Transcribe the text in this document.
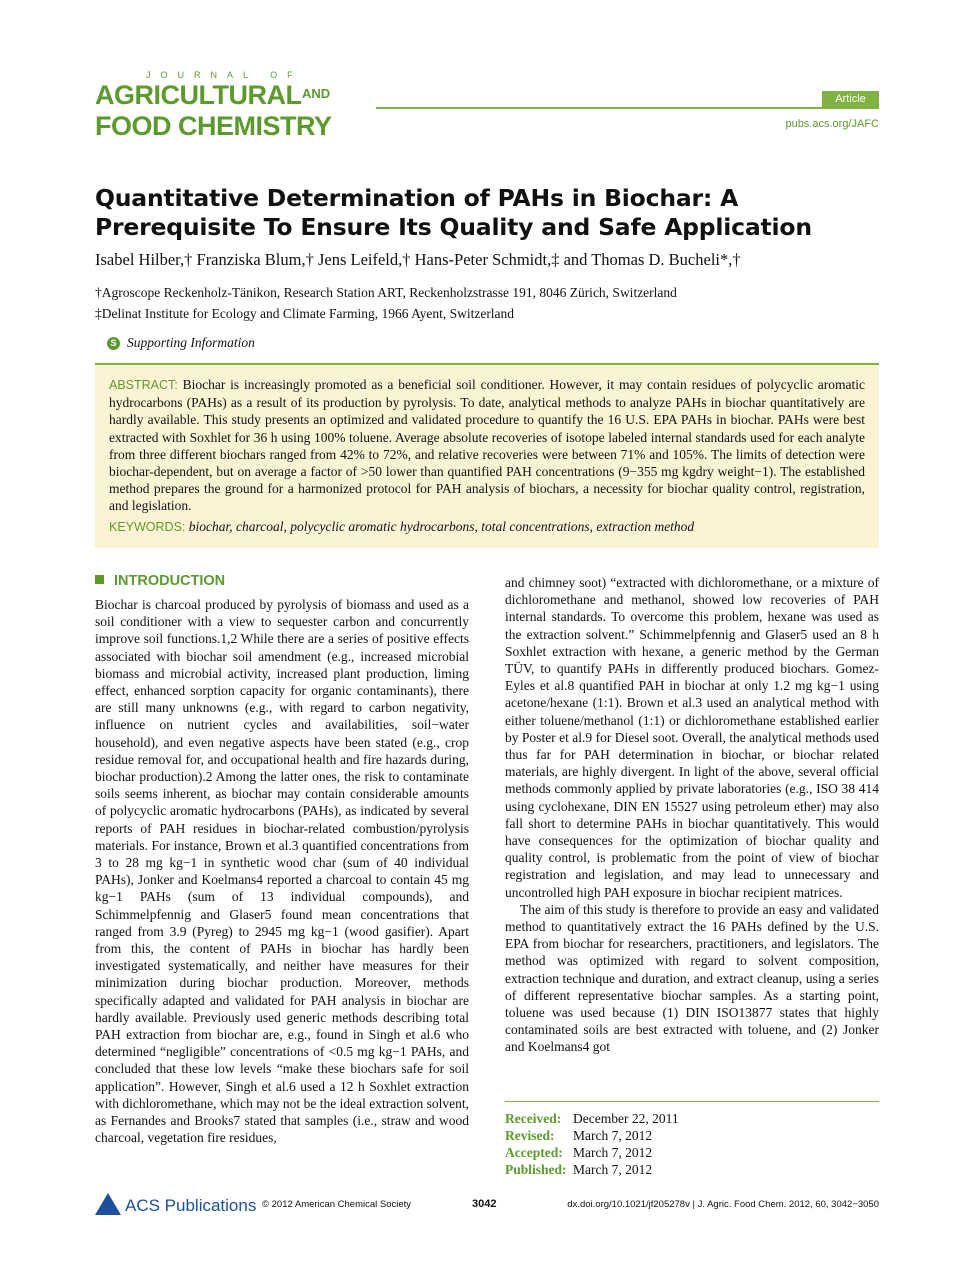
JOURNAL OF
AGRICULTURAL AND
FOOD CHEMISTRY
Article
pubs.acs.org/JAFC
Quantitative Determination of PAHs in Biochar: A Prerequisite To Ensure Its Quality and Safe Application
Isabel Hilber,† Franziska Blum,† Jens Leifeld,† Hans-Peter Schmidt,‡ and Thomas D. Bucheli*,†
†Agroscope Reckenholz-Tänikon, Research Station ART, Reckenholzstrasse 191, 8046 Zürich, Switzerland
‡Delinat Institute for Ecology and Climate Farming, 1966 Ayent, Switzerland
S Supporting Information
ABSTRACT: Biochar is increasingly promoted as a beneficial soil conditioner. However, it may contain residues of polycyclic aromatic hydrocarbons (PAHs) as a result of its production by pyrolysis. To date, analytical methods to analyze PAHs in biochar quantitatively are hardly available. This study presents an optimized and validated procedure to quantify the 16 U.S. EPA PAHs in biochar. PAHs were best extracted with Soxhlet for 36 h using 100% toluene. Average absolute recoveries of isotope labeled internal standards used for each analyte from three different biochars ranged from 42% to 72%, and relative recoveries were between 71% and 105%. The limits of detection were biochar-dependent, but on average a factor of >50 lower than quantified PAH concentrations (9−355 mg kgdry weight−1). The established method prepares the ground for a harmonized protocol for PAH analysis of biochars, a necessity for biochar quality control, registration, and legislation.
KEYWORDS: biochar, charcoal, polycyclic aromatic hydrocarbons, total concentrations, extraction method
INTRODUCTION

Biochar is charcoal produced by pyrolysis of biomass and used as a soil conditioner with a view to sequester carbon and concurrently improve soil functions.1,2 While there are a series of positive effects associated with biochar soil amendment (e.g., increased microbial biomass and microbial activity, increased plant production, liming effect, enhanced sorption capacity for organic contaminants), there are still many unknowns (e.g., with regard to carbon negativity, influence on nutrient cycles and availabilities, soil−water household), and even negative aspects have been stated (e.g., crop residue removal for, and occupational health and fire hazards during, biochar production).2 Among the latter ones, the risk to contaminate soils seems inherent, as biochar may contain considerable amounts of polycyclic aromatic hydrocarbons (PAHs), as indicated by several reports of PAH residues in biochar-related combustion/pyrolysis materials. For instance, Brown et al.3 quantified concentrations from 3 to 28 mg kg−1 in synthetic wood char (sum of 40 individual PAHs), Jonker and Koelmans4 reported a charcoal to contain 45 mg kg−1 PAHs (sum of 13 individual compounds), and Schimmelpfennig and Glaser5 found mean concentrations that ranged from 3.9 (Pyreg) to 2945 mg kg−1 (wood gasifier). Apart from this, the content of PAHs in biochar has hardly been investigated systematically, and neither have measures for their minimization during biochar production. Moreover, methods specifically adapted and validated for PAH analysis in biochar are hardly available. Previously used generic methods describing total PAH extraction from biochar are, e.g., found in Singh et al.6 who determined “negligible” concentrations of <0.5 mg kg−1 PAHs, and concluded that these low levels “make these biochars safe for soil application”. However, Singh et al.6 used a 12 h Soxhlet extraction with dichloromethane, which may not be the ideal extraction solvent, as Fernandes and Brooks7 stated that samples (i.e., straw and wood charcoal, vegetation fire residues,

and chimney soot) “extracted with dichloromethane, or a mixture of dichloromethane and methanol, showed low recoveries of PAH internal standards. To overcome this problem, hexane was used as the extraction solvent.” Schimmelpfennig and Glaser5 used an 8 h Soxhlet extraction with hexane, a generic method by the German TÜV, to quantify PAHs in differently produced biochars. Gomez-Eyles et al.8 quantified PAH in biochar at only 1.2 mg kg−1 using acetone/hexane (1:1). Brown et al.3 used an analytical method with either toluene/methanol (1:1) or dichloromethane established earlier by Poster et al.9 for Diesel soot. Overall, the analytical methods used thus far for PAH determination in biochar, or biochar related materials, are highly divergent. In light of the above, several official methods commonly applied by private laboratories (e.g., ISO 38 414 using cyclohexane, DIN EN 15527 using petroleum ether) may also fall short to determine PAHs in biochar quantitatively. This would have consequences for the optimization of biochar quality and quality control, is problematic from the point of view of biochar registration and legislation, and may lead to unnecessary and uncontrolled high PAH exposure in biochar recipient matrices.

The aim of this study is therefore to provide an easy and validated method to quantitatively extract the 16 PAHs defined by the U.S. EPA from biochar for researchers, practitioners, and legislators. The method was optimized with regard to solvent composition, extraction technique and duration, and extract cleanup, using a series of different representative biochar samples. As a starting point, toluene was used because (1) DIN ISO13877 states that highly contaminated soils are best extracted with toluene, and (2) Jonker and Koelmans4 got

Received: December 22, 2011
Revised: March 7, 2012
Accepted: March 7, 2012
Published: March 7, 2012
ACS Publications © 2012 American Chemical Society	3042	dx.doi.org/10.1021/jf205278v | J. Agric. Food Chem. 2012, 60, 3042−3050
